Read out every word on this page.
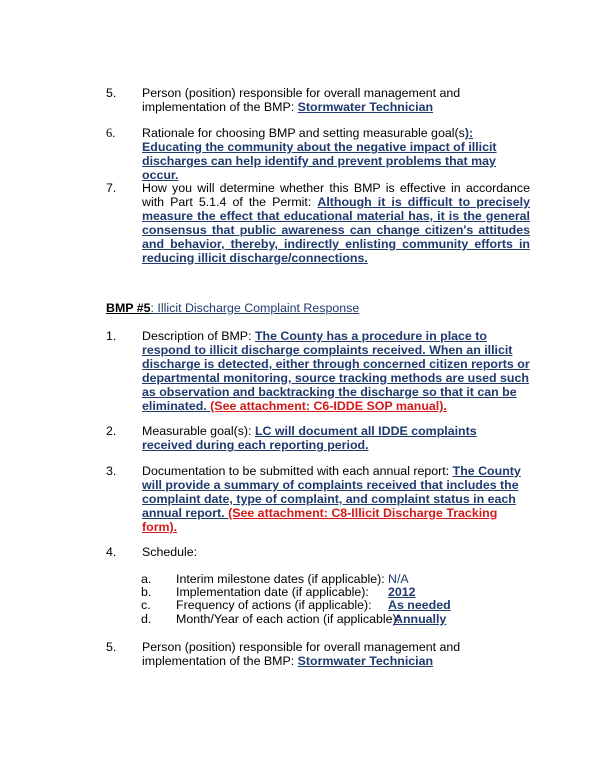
5. Person (position) responsible for overall management and implementation of the BMP: Stormwater Technician
6. Rationale for choosing BMP and setting measurable goal(s): Educating the community about the negative impact of illicit discharges can help identify and prevent problems that may occur.
7. How you will determine whether this BMP is effective in accordance with Part 5.1.4 of the Permit: Although it is difficult to precisely measure the effect that educational material has, it is the general consensus that public awareness can change citizen's attitudes and behavior, thereby, indirectly enlisting community efforts in reducing illicit discharge/connections.
BMP #5: Illicit Discharge Complaint Response
1. Description of BMP: The County has a procedure in place to respond to illicit discharge complaints received. When an illicit discharge is detected, either through concerned citizen reports or departmental monitoring, source tracking methods are used such as observation and backtracking the discharge so that it can be eliminated. (See attachment: C6-IDDE SOP manual).
2. Measurable goal(s): LC will document all IDDE complaints received during each reporting period.
3. Documentation to be submitted with each annual report: The County will provide a summary of complaints received that includes the complaint date, type of complaint, and complaint status in each annual report. (See attachment: C8-Illicit Discharge Tracking form).
4. Schedule:
a. Interim milestone dates (if applicable): N/A
b. Implementation date (if applicable): 2012
c. Frequency of actions (if applicable): As needed
d. Month/Year of each action (if applicable):
Annually
5. Person (position) responsible for overall management and implementation of the BMP: Stormwater Technician
